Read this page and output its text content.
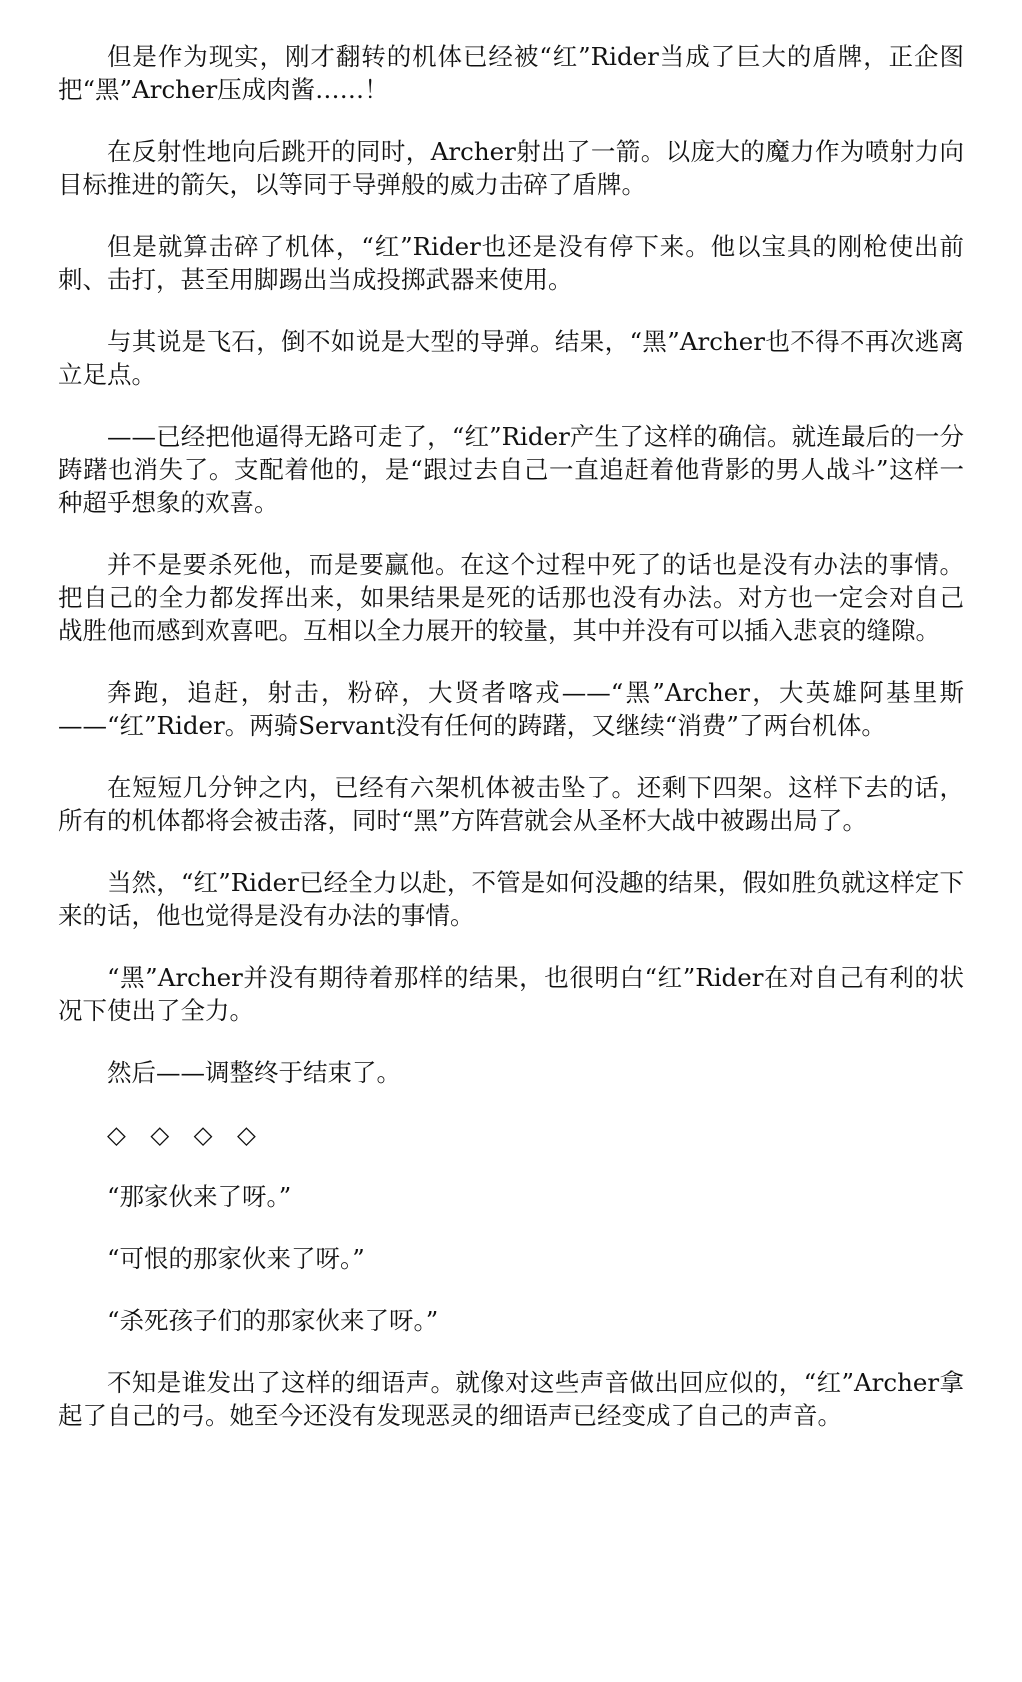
但是作为现实，刚才翻转的机体已经被“红”Rider当成了巨大的盾牌，正企图把“黑”Archer压成肉酱……！

在反射性地向后跳开的同时，Archer射出了一箭。以庞大的魔力作为喷射力向目标推进的箭矢，以等同于导弹般的威力击碎了盾牌。

但是就算击碎了机体，“红”Rider也还是没有停下来。他以宝具的刚枪使出前刺、击打，甚至用脚踢出当成投掷武器来使用。

与其说是飞石，倒不如说是大型的导弹。结果，“黑”Archer也不得不再次逃离立足点。

——已经把他逼得无路可走了，“红”Rider产生了这样的确信。就连最后的一分踌躇也消失了。支配着他的，是“跟过去自己一直追赶着他背影的男人战斗”这样一种超乎想象的欢喜。

并不是要杀死他，而是要赢他。在这个过程中死了的话也是没有办法的事情。把自己的全力都发挥出来，如果结果是死的话那也没有办法。对方也一定会对自己战胜他而感到欢喜吧。互相以全力展开的较量，其中并没有可以插入悲哀的缝隙。

奔跑，追赶，射击，粉碎，大贤者喀戎——“黑”Archer，大英雄阿基里斯——“红”Rider。两骑Servant没有任何的踌躇，又继续“消费”了两台机体。

在短短几分钟之内，已经有六架机体被击坠了。还剩下四架。这样下去的话，所有的机体都将会被击落，同时“黑”方阵营就会从圣杯大战中被踢出局了。

当然，“红”Rider已经全力以赴，不管是如何没趣的结果，假如胜负就这样定下来的话，他也觉得是没有办法的事情。

“黑”Archer并没有期待着那样的结果，也很明白“红”Rider在对自己有利的状况下使出了全力。

然后——调整终于结束了。

◇　◇　◇　◇

“那家伙来了呀。”

“可恨的那家伙来了呀。”

“杀死孩子们的那家伙来了呀。”

不知是谁发出了这样的细语声。就像对这些声音做出回应似的，“红”Archer拿起了自己的弓。她至今还没有发现恶灵的细语声已经变成了自己的声音。
